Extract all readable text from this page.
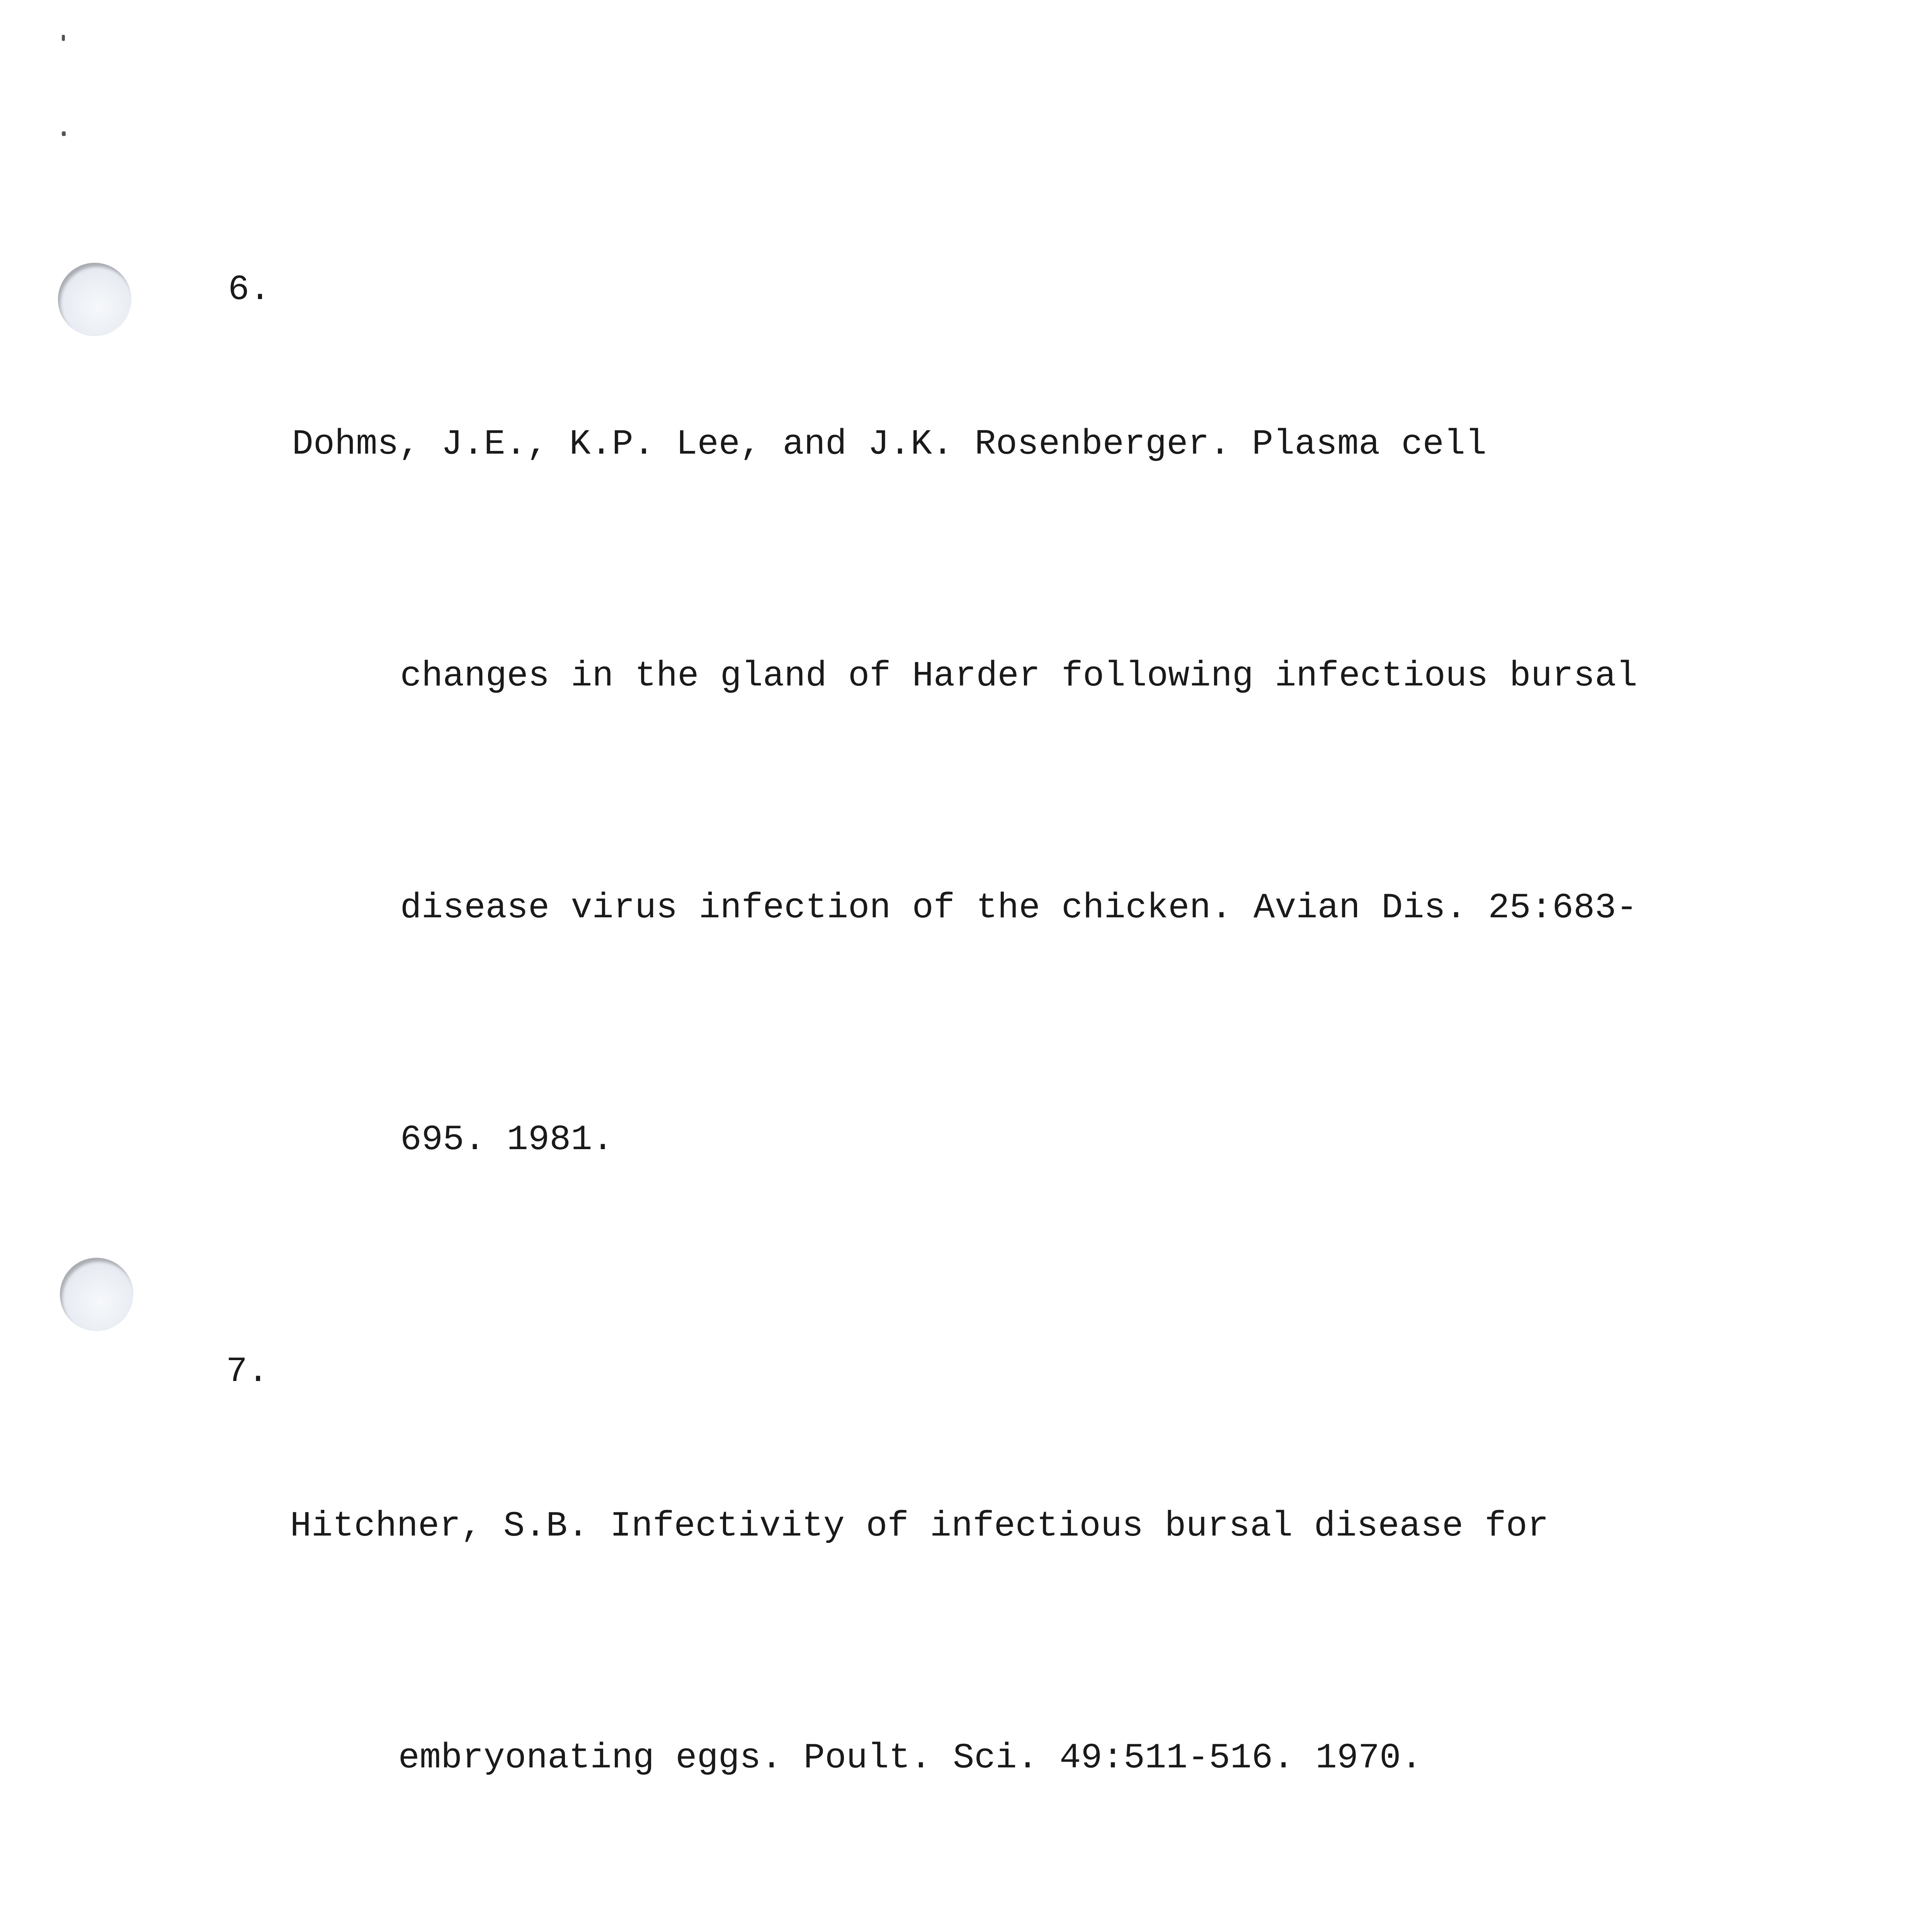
6.

Dohms, J.E., K.P. Lee, and J.K. Rosenberger. Plasma cell

changes in the gland of Harder following infectious bursal

disease virus infection of the chicken. Avian Dis. 25:683-

695. 1981.

7.

Hitchner, S.B. Infectivity of infectious bursal disease for

embryonating eggs. Poult. Sci. 49:511-516. 1970.
